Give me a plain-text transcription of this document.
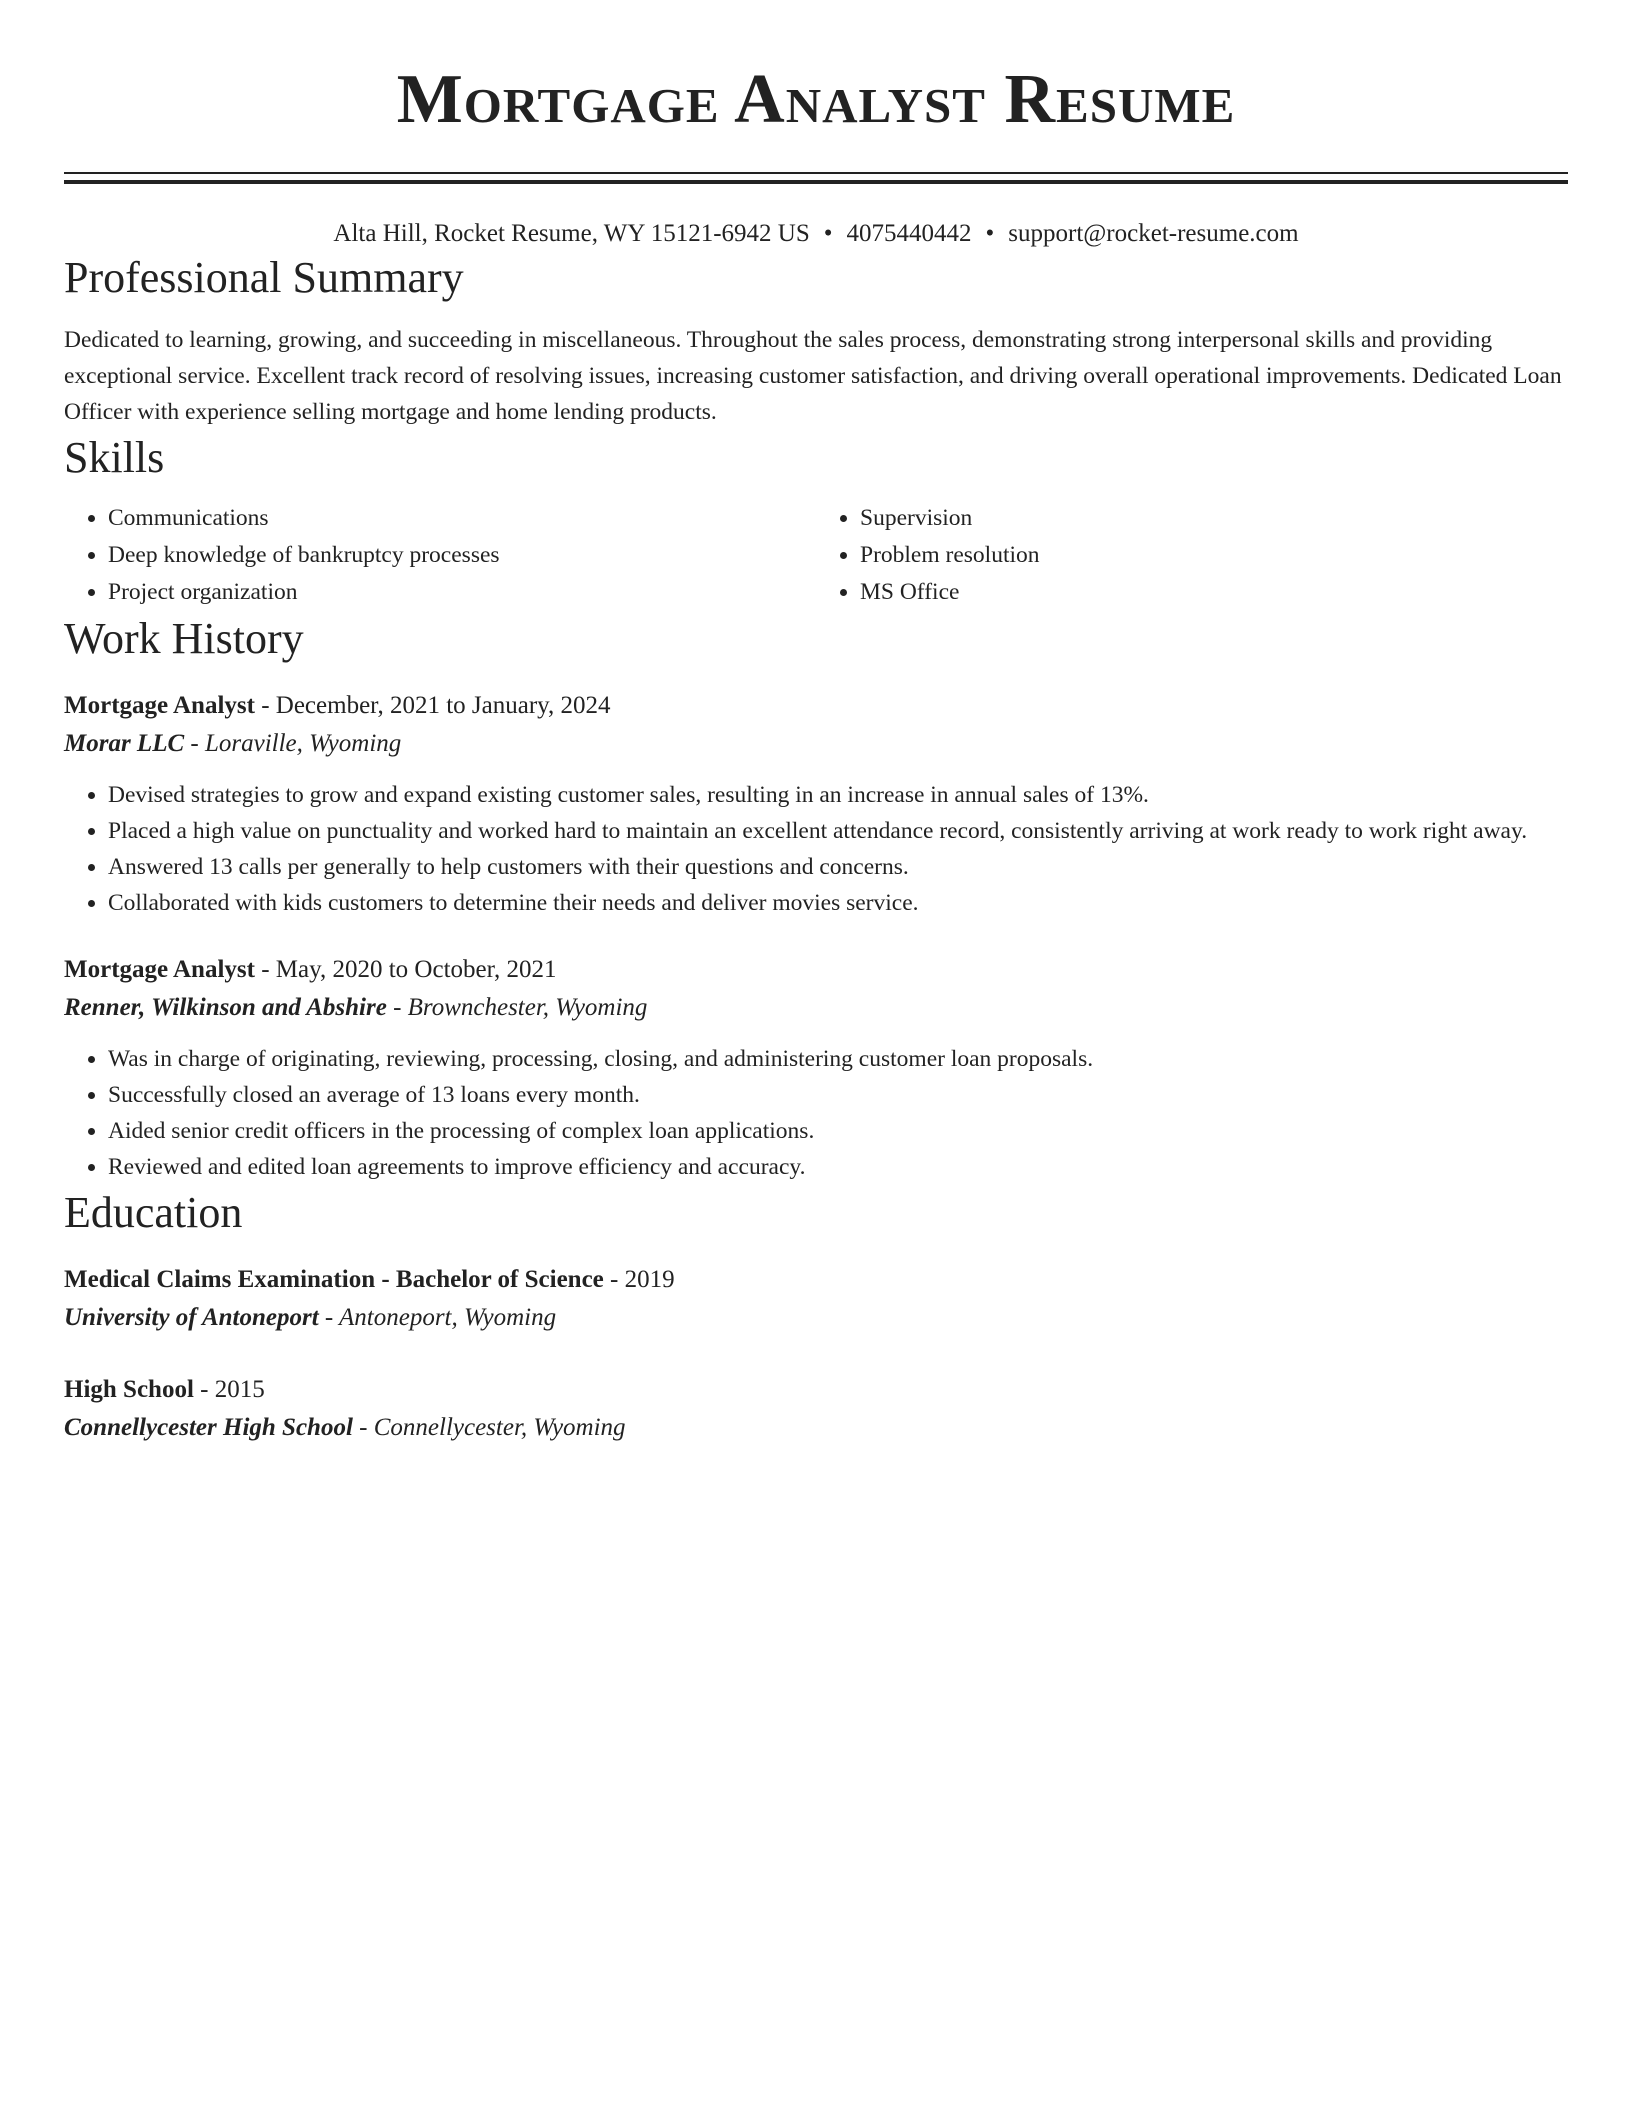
Mortgage Analyst Resume
Alta Hill, Rocket Resume, WY 15121-6942 US • 4075440442 • support@rocket-resume.com
Professional Summary
Dedicated to learning, growing, and succeeding in miscellaneous. Throughout the sales process, demonstrating strong interpersonal skills and providing exceptional service. Excellent track record of resolving issues, increasing customer satisfaction, and driving overall operational improvements. Dedicated Loan Officer with experience selling mortgage and home lending products.
Skills
• Communications
• Deep knowledge of bankruptcy processes
• Project organization
• Supervision
• Problem resolution
• MS Office
Work History
Mortgage Analyst - December, 2021 to January, 2024
Morar LLC - Loraville, Wyoming
• Devised strategies to grow and expand existing customer sales, resulting in an increase in annual sales of 13%.
• Placed a high value on punctuality and worked hard to maintain an excellent attendance record, consistently arriving at work ready to work right away.
• Answered 13 calls per generally to help customers with their questions and concerns.
• Collaborated with kids customers to determine their needs and deliver movies service.
Mortgage Analyst - May, 2020 to October, 2021
Renner, Wilkinson and Abshire - Brownchester, Wyoming
• Was in charge of originating, reviewing, processing, closing, and administering customer loan proposals.
• Successfully closed an average of 13 loans every month.
• Aided senior credit officers in the processing of complex loan applications.
• Reviewed and edited loan agreements to improve efficiency and accuracy.
Education
Medical Claims Examination - Bachelor of Science - 2019
University of Antoneport - Antoneport, Wyoming
High School - 2015
Connellycester High School - Connellycester, Wyoming
